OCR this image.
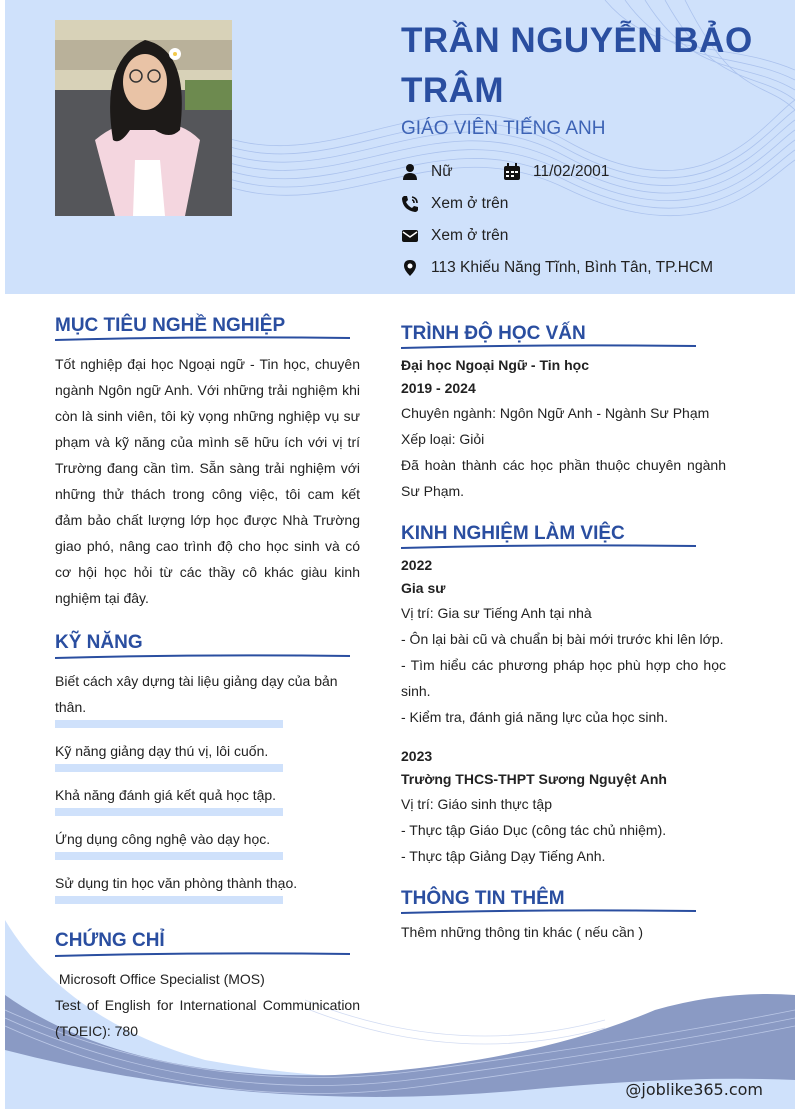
TRẦN NGUYỄN BẢO TRÂM
GIÁO VIÊN TIẾNG ANH
Nữ	11/02/2001
Xem ở trên
Xem ở trên
113 Khiếu Năng Tĩnh, Bình Tân, TP.HCM
MỤC TIÊU NGHỀ NGHIỆP
Tốt nghiệp đại học Ngoại ngữ - Tin học, chuyên ngành Ngôn ngữ Anh. Với những trải nghiệm khi còn là sinh viên, tôi kỳ vọng những nghiệp vụ sư phạm và kỹ năng của mình sẽ hữu ích với vị trí Trường đang cần tìm. Sẵn sàng trải nghiệm với những thử thách trong công việc, tôi cam kết đảm bảo chất lượng lớp học được Nhà Trường giao phó, nâng cao trình độ cho học sinh và có cơ hội học hỏi từ các thầy cô khác giàu kinh nghiệm tại đây.
KỸ NĂNG
Biết cách xây dựng tài liệu giảng dạy của bản thân.
Kỹ năng giảng dạy thú vị, lôi cuốn.
Khả năng đánh giá kết quả học tập.
Ứng dụng công nghệ vào dạy học.
Sử dụng tin học văn phòng thành thạo.
CHỨNG CHỈ
Microsoft Office Specialist (MOS)
Test of English for International Communication (TOEIC): 780
TRÌNH ĐỘ HỌC VẤN
Đại học Ngoại Ngữ - Tin học
2019 - 2024
Chuyên ngành: Ngôn Ngữ Anh - Ngành Sư Phạm
Xếp loại: Giỏi
Đã hoàn thành các học phần thuộc chuyên ngành Sư Phạm.
KINH NGHIỆM LÀM VIỆC
2022
Gia sư
Vị trí: Gia sư Tiếng Anh tại nhà
- Ôn lại bài cũ và chuẩn bị bài mới trước khi lên lớp.
- Tìm hiểu các phương pháp học phù hợp cho học sinh.
- Kiểm tra, đánh giá năng lực của học sinh.
2023
Trường THCS-THPT Sương Nguyệt Anh
Vị trí: Giáo sinh thực tập
- Thực tập Giáo Dục (công tác chủ nhiệm).
- Thực tập Giảng Dạy Tiếng Anh.
THÔNG TIN THÊM
Thêm những thông tin khác ( nếu cần )
@joblike365.com
